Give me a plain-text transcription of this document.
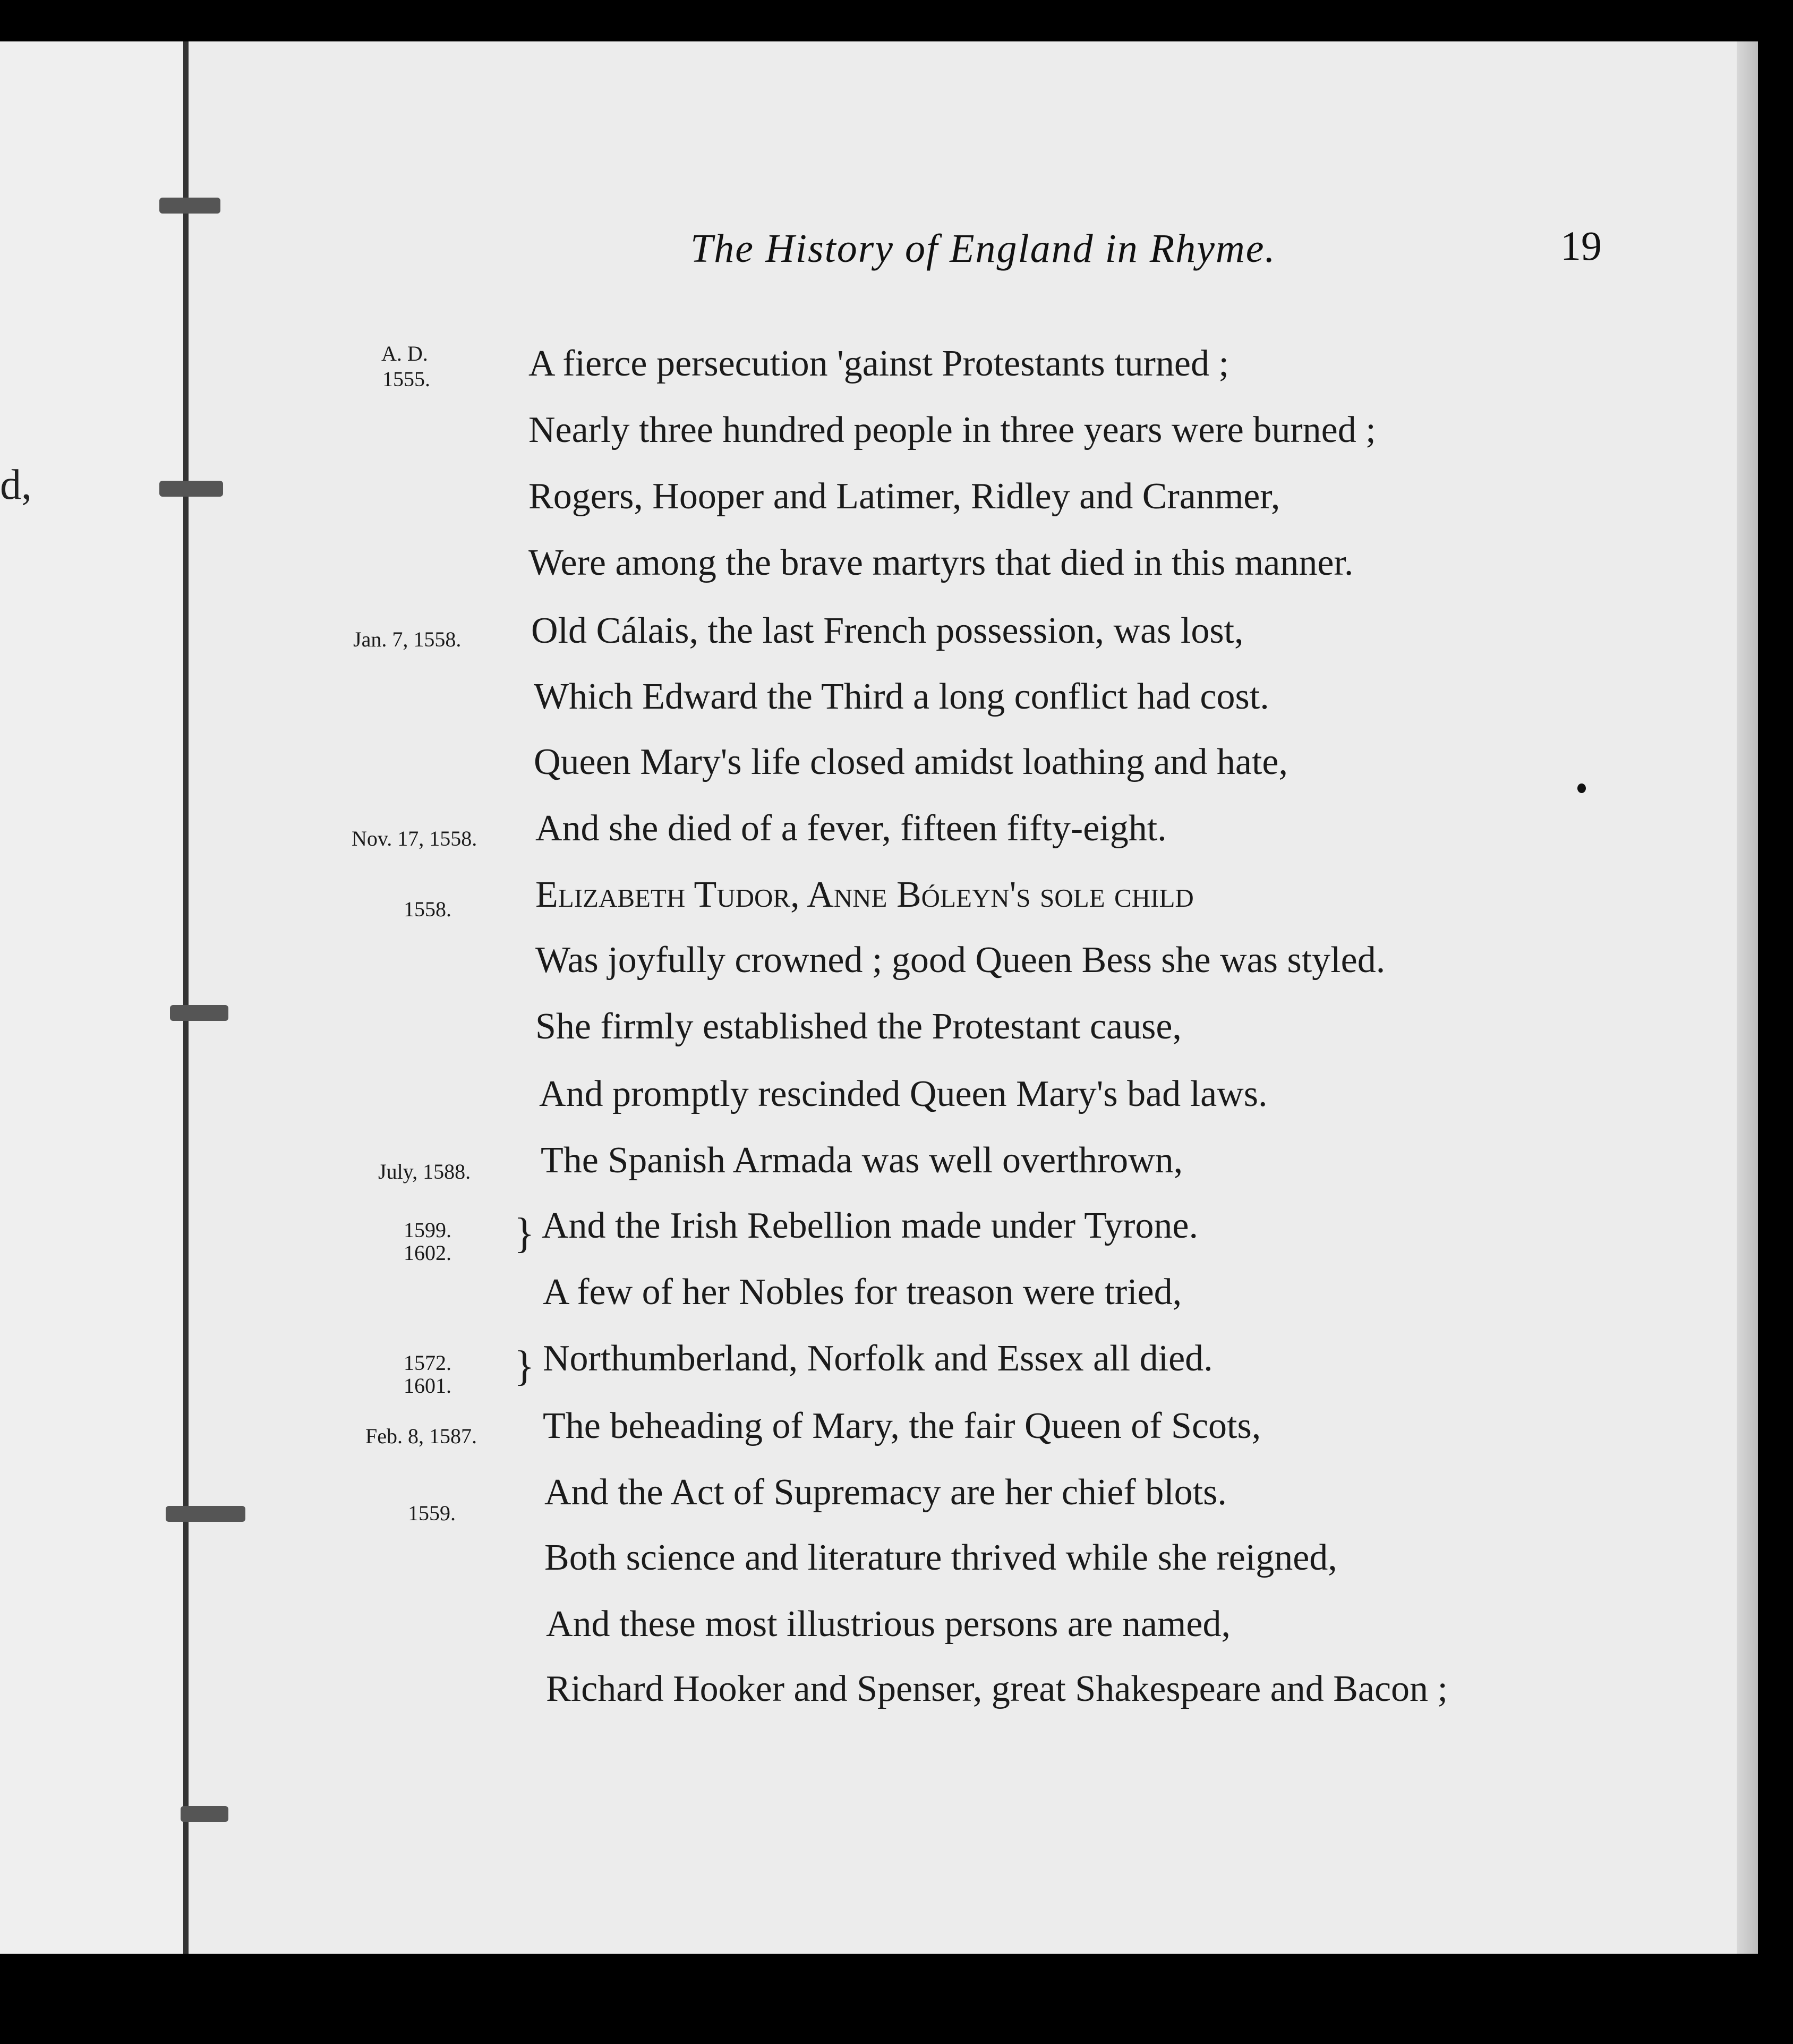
d,
The History of England in Rhyme.	19
A. D.
1555.
Jan. 7, 1558.
Nov. 17, 1558.
1558.
July, 1588.
1599.
1602. }
1572.
1601. }
Feb. 8, 1587.
1559.
A fierce persecution 'gainst Protestants turned ;
Nearly three hundred people in three years were burned ;
Rogers, Hooper and Latimer, Ridley and Cranmer,
Were among the brave martyrs that died in this manner.
Old Cálais, the last French possession, was lost,
Which Edward the Third a long conflict had cost.
Queen Mary's life closed amidst loathing and hate,
And she died of a fever, fifteen fifty-eight.
Elizabeth Tudor, Anne Bóleyn's sole child
Was joyfully crowned ; good Queen Bess she was styled.
She firmly established the Protestant cause,
And promptly rescinded Queen Mary's bad laws.
The Spanish Armada was well overthrown,
And the Irish Rebellion made under Tyrone.
A few of her Nobles for treason were tried,
Northumberland, Norfolk and Essex all died.
The beheading of Mary, the fair Queen of Scots,
And the Act of Supremacy are her chief blots.
Both science and literature thrived while she reigned,
And these most illustrious persons are named,
Richard Hooker and Spenser, great Shakespeare and Bacon ;
